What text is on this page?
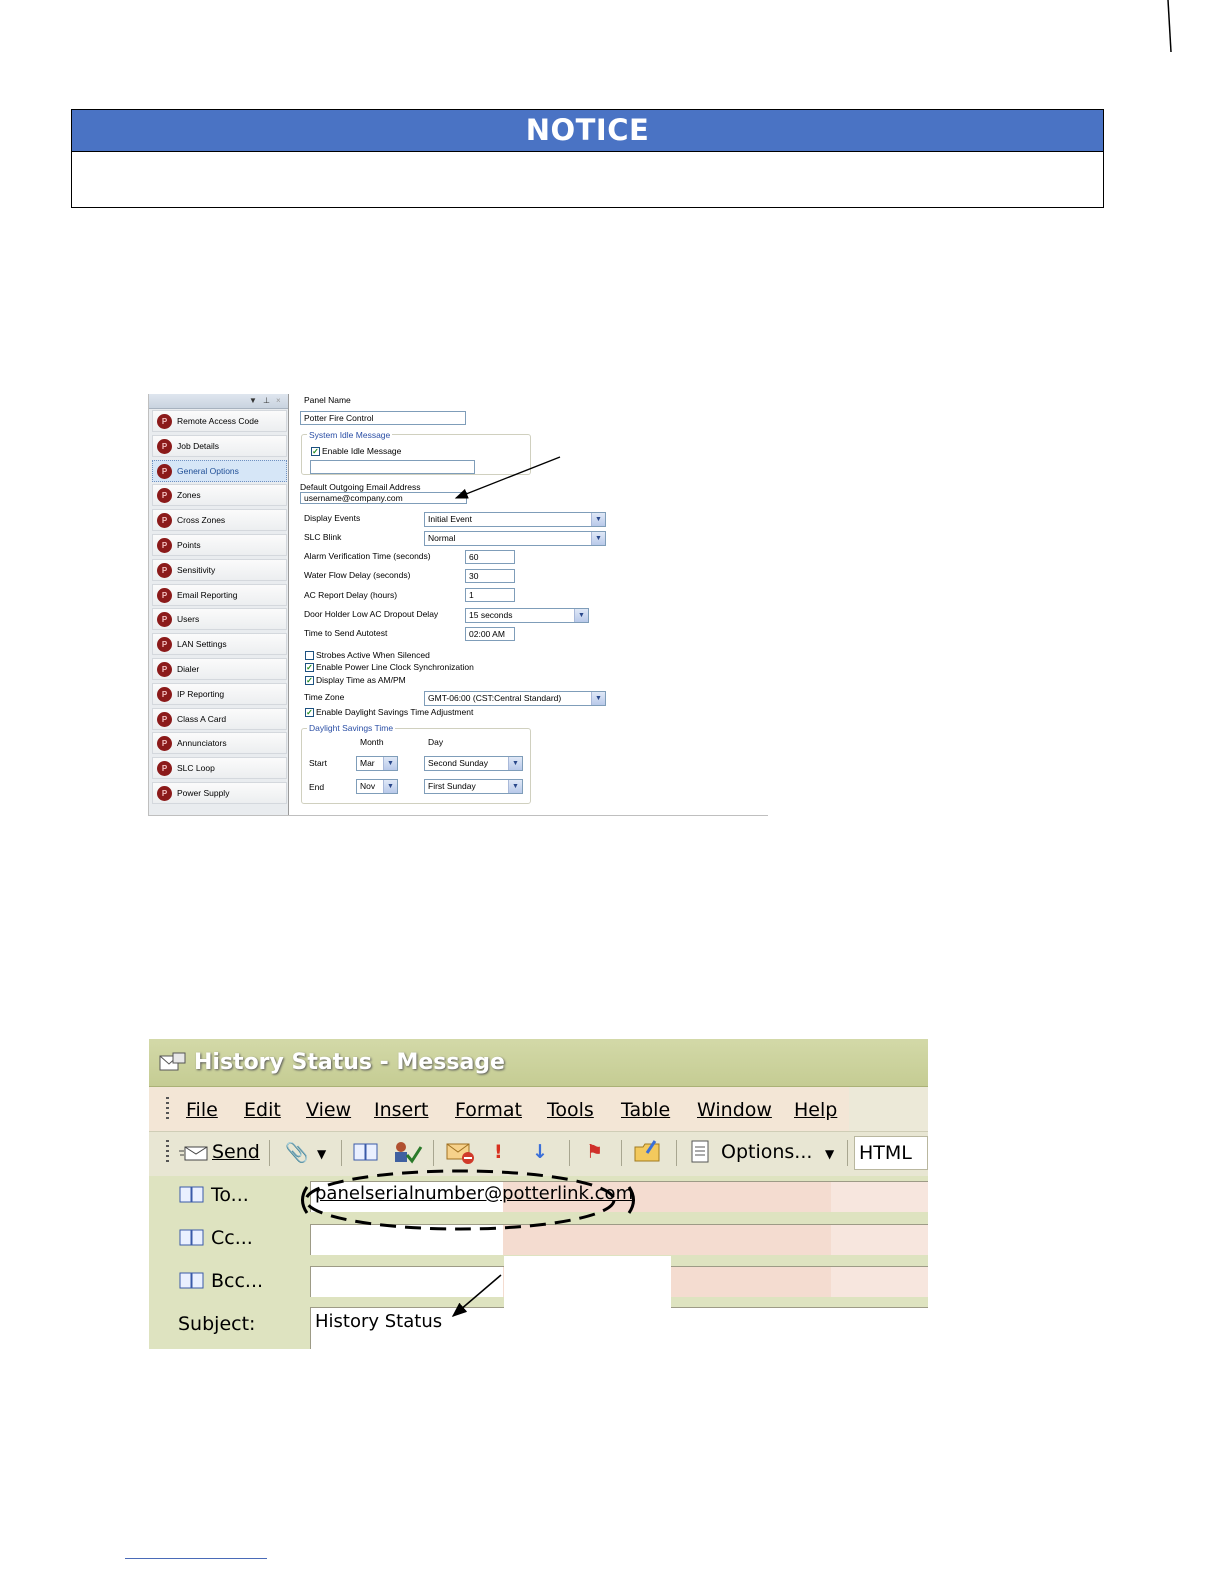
NOTICE
▼ ⊥ ×
P	Remote Access Code
P	Job Details
P	General Options
P	Zones
P	Cross Zones
P	Points
P	Sensitivity
P	Email Reporting
P	Users
P	LAN Settings
P	Dialer
P	IP Reporting
P	Class A Card
P	Annunciators
P	SLC Loop
P	Power Supply
Panel Name
Potter Fire Control
System Idle Message
✓ Enable Idle Message
Default Outgoing Email Address
username@company.com
Display Events	Initial Event	▼
SLC Blink	Normal	▼
Alarm Verification Time (seconds)	60
Water Flow Delay (seconds)	30
AC Report Delay (hours)	1
Door Holder Low AC Dropout Delay	15 seconds	▼
Time to Send Autotest	02:00 AM
Strobes Active When Silenced
✓ Enable Power Line Clock Synchronization
✓ Display Time as AM/PM
Time Zone	GMT-06:00 (CST:Central Standard)	▼
✓ Enable Daylight Savings Time Adjustment
Daylight Savings Time
Month	Day
Start	Mar	▼	Second Sunday	▼
End	Nov	▼	First Sunday	▼
History Status - Message
File Edit View Insert Format Tools Table Window Help
Send 📎 ▼	! ↓ ⚑	Options... ▼ HTML
To...	panelserialnumber@potterlink.com
Cc...
Bcc...
Subject:	History Status
